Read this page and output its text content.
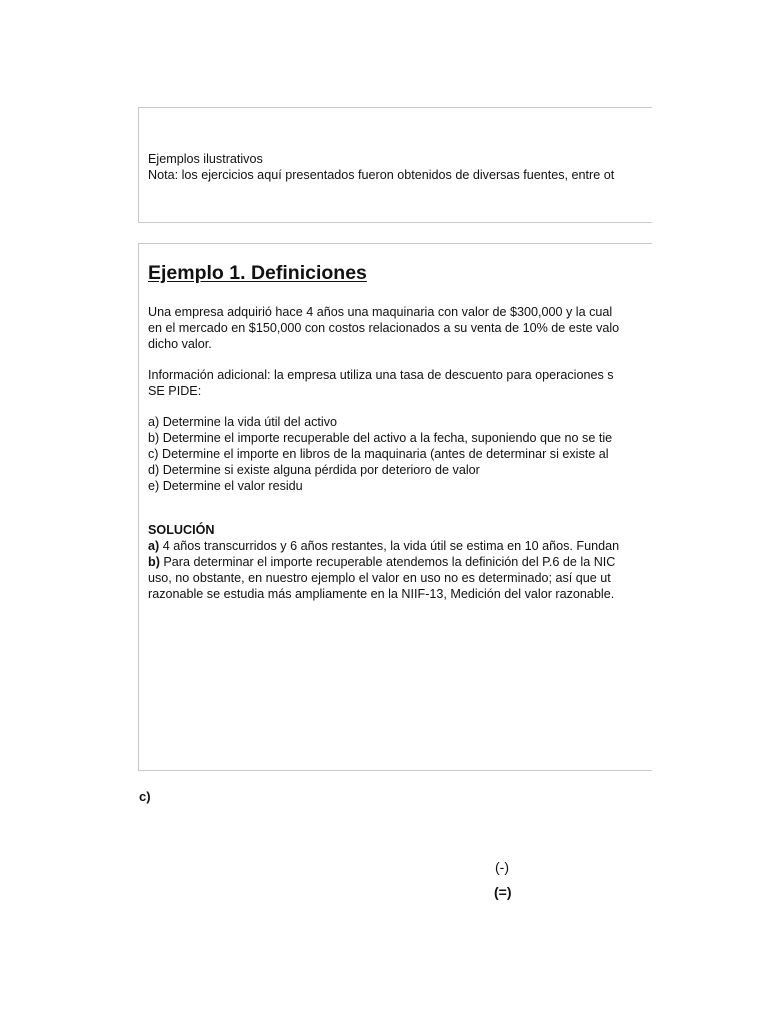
Ejemplos ilustrativos
Nota: los ejercicios aquí presentados fueron obtenidos de diversas fuentes, entre ot
Ejemplo 1. Definiciones
Una empresa adquirió hace 4 años una maquinaria con valor de $300,000 y la cual
en el mercado en $150,000 con costos relacionados a su venta de 10% de este valo
dicho valor.
Información adicional: la empresa utiliza una tasa de descuento para operaciones s
SE PIDE:
a) Determine la vida útil del activo
b) Determine el importe recuperable del activo a la fecha, suponiendo que no se tie
c) Determine el importe en libros de la maquinaria (antes de determinar si existe al
d) Determine si existe alguna pérdida por deterioro de valor
e) Determine el valor residu
SOLUCIÓN
a) 4 años transcurridos y 6 años restantes, la vida útil se estima en 10 años. Fundan
b) Para determinar el importe recuperable atendemos la definición del P.6 de la NIC
uso, no obstante, en nuestro ejemplo el valor en uso no es determinado; así que ut
razonable se estudia más ampliamente en la NIIF-13, Medición del valor razonable.
c)
(-)
(=)
